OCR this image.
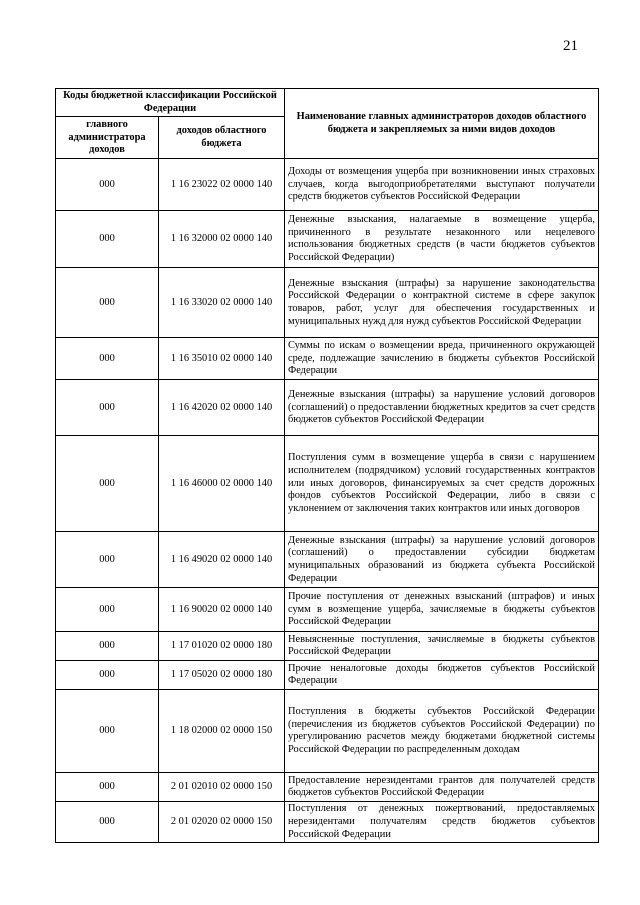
21
Коды бюджетной классификации Российской Федерации		Наименование главных администраторов доходов областного бюджета и закрепляемых за ними видов доходов
главного администратора доходов	доходов областного бюджета	
000	1 16 23022 02 0000 140	Доходы от возмещения ущерба при возникновении иных страховых случаев, когда выгодоприобретателями выступают получатели средств бюджетов субъектов Российской Федерации
000	1 16 32000 02 0000 140	Денежные взыскания, налагаемые в возмещение ущерба, причиненного в результате незаконного или нецелевого использования бюджетных средств (в части бюджетов субъектов Российской Федерации)
000	1 16 33020 02 0000 140	Денежные взыскания (штрафы) за нарушение законодательства Российской Федерации о контрактной системе в сфере закупок товаров, работ, услуг для обеспечения государственных и муниципальных нужд для нужд субъектов Российской Федерации
000	1 16 35010 02 0000 140	Суммы по искам о возмещении вреда, причиненного окружающей среде, подлежащие зачислению в бюджеты субъектов Российской Федерации
000	1 16 42020 02 0000 140	Денежные взыскания (штрафы) за нарушение условий договоров (соглашений) о предоставлении бюджетных кредитов за счет средств бюджетов субъектов Российской Федерации
000	1 16 46000 02 0000 140	Поступления сумм в возмещение ущерба в связи с нарушением исполнителем (подрядчиком) условий государственных контрактов или иных договоров, финансируемых за счет средств дорожных фондов субъектов Российской Федерации, либо в связи с уклонением от заключения таких контрактов или иных договоров
000	1 16 49020 02 0000 140	Денежные взыскания (штрафы) за нарушение условий договоров (соглашений) о предоставлении субсидии бюджетам муниципальных образований из бюджета субъекта Российской Федерации
000	1 16 90020 02 0000 140	Прочие поступления от денежных взысканий (штрафов) и иных сумм в возмещение ущерба, зачисляемые в бюджеты субъектов Российской Федерации
000	1 17 01020 02 0000 180	Невыясненные поступления, зачисляемые в бюджеты субъектов Российской Федерации
000	1 17 05020 02 0000 180	Прочие неналоговые доходы бюджетов субъектов Российской Федерации
000	1 18 02000 02 0000 150	Поступления в бюджеты субъектов Российской Федерации (перечисления из бюджетов субъектов Российской Федерации) по урегулированию расчетов между бюджетами бюджетной системы Российской Федерации по распределенным доходам
000	2 01 02010 02 0000 150	Предоставление нерезидентами грантов для получателей средств бюджетов субъектов Российской Федерации
000	2 01 02020 02 0000 150	Поступления от денежных пожертвований, предоставляемых нерезидентами получателям средств бюджетов субъектов Российской Федерации
